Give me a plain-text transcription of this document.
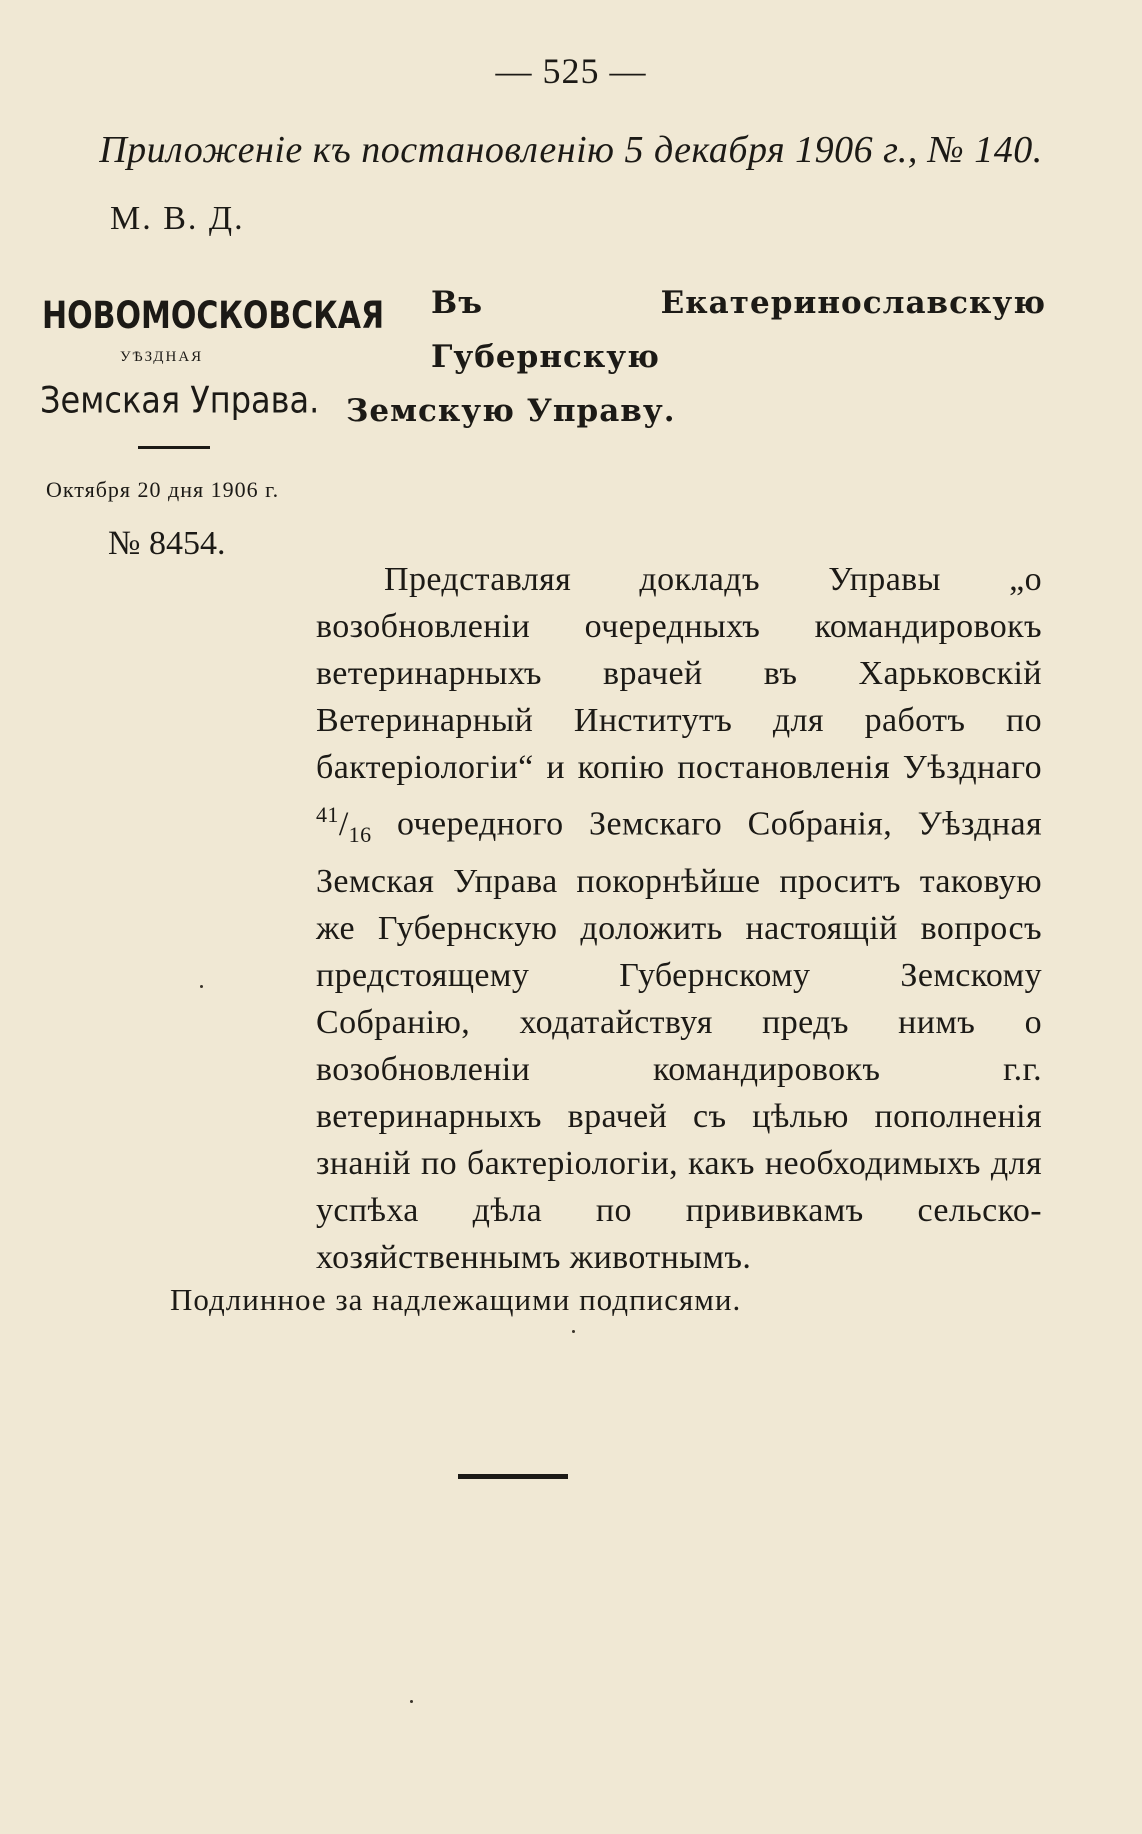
— 525 —
Приложеніе къ постановленію 5 декабря 1906 г., № 140.
М. В. Д.
НОВОМОСКОВСКАЯ
УѢЗДНАЯ
Земская Управа.
Октября 20 дня 1906 г.
№ 8454.
Въ Екатеринославскую Губернскую
Земскую Управу.
Представляя докладъ Управы „о возобновленіи очередныхъ командировокъ ветеринарныхъ врачей въ Харьковскій Ветеринарный Институтъ для работъ по бактеріологіи“ и копію постановленія Уѣзднаго $^{41}/_{16}$ очередного Земскаго Собранія, Уѣздная Земская Управа покорнѣйше проситъ таковую же Губернскую доложить настоящій вопросъ предстоящему Губернскому Земскому Собранію, ходатайствуя предъ нимъ о возобновленіи командировокъ г.г. ветеринарныхъ врачей съ цѣлью пополненія знаній по бактеріологіи, какъ необходимыхъ для успѣха дѣла по прививкамъ сельско-хозяйственнымъ животнымъ.
Подлинное за надлежащими подписями.
